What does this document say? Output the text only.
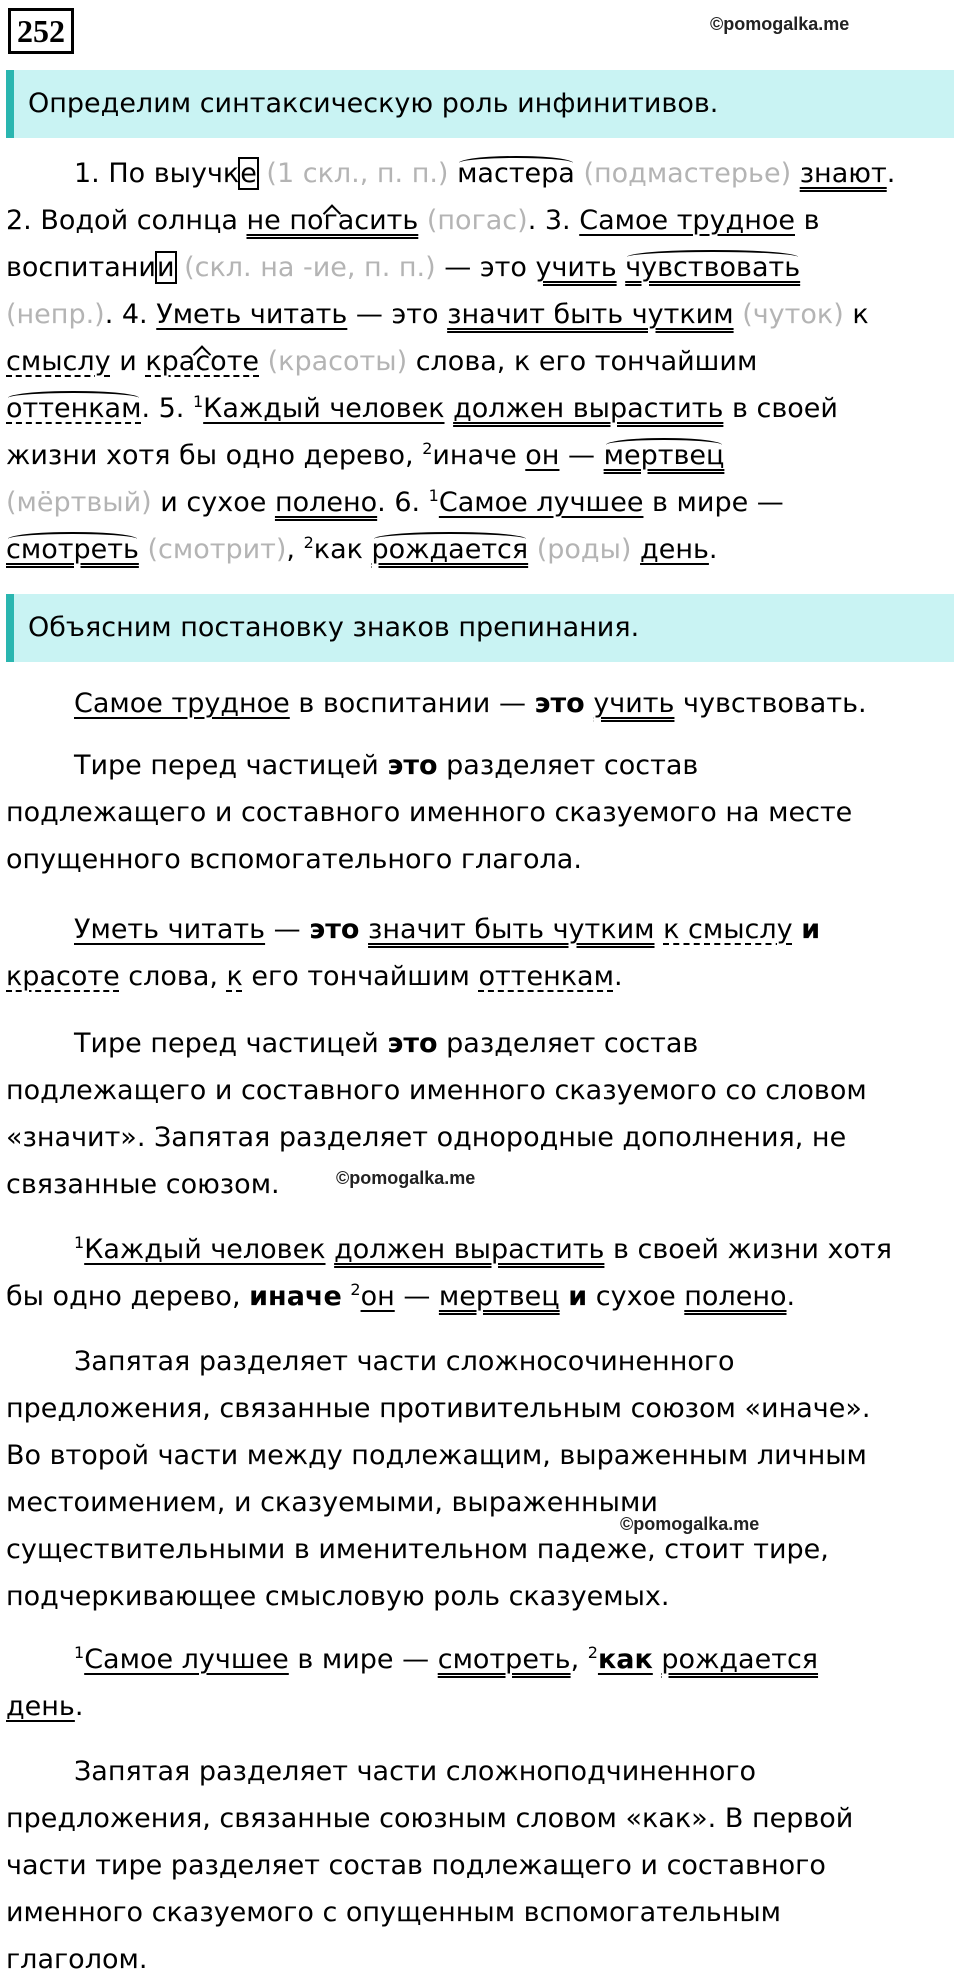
252	©pomogalka.me
Определим синтаксическую роль инфинитивов.
1. По выучке (1 скл., п. п.) мастера (подмастерье) знают.
2. Водой солнца не погасить (погас). 3. Самое трудное в
воспитании (скл. на -ие, п. п.) — это учить чувствовать
(непр.). 4. Уметь читать — это значит быть чутким (чуток) к
смыслу и красоте (красоты) слова, к его тончайшим
оттенкам. 5. $^1$Каждый человек должен вырастить в своей
жизни хотя бы одно дерево, $^2$иначе он — мертвец
(мёртвый) и сухое полено. 6. $^1$Самое лучшее в мире —
смотреть (смотрит), $^2$как рождается (роды) день.
Объясним постановку знаков препинания.
Самое трудное в воспитании — это учить чувствовать.
Тире перед частицей это разделяет состав
подлежащего и составного именного сказуемого на месте
опущенного вспомогательного глагола.
Уметь читать — это значит быть чутким к смыслу и
красоте слова, к его тончайшим оттенкам.
Тире перед частицей это разделяет состав
подлежащего и составного именного сказуемого со словом
«значит». Запятая разделяет однородные дополнения, не
связанные союзом.	©pomogalka.me
$^1$Каждый человек должен вырастить в своей жизни хотя
бы одно дерево, иначе $^2$он — мертвец и сухое полено.
Запятая разделяет части сложносочиненного
предложения, связанные противительным союзом «иначе».
Во второй части между подлежащим, выраженным личным
местоимением, и сказуемыми, выраженными
существительными в именительном падеже, стоит тире,
подчеркивающее смысловую роль сказуемых.
©pomogalka.me
$^1$Самое лучшее в мире — смотреть, $^2$как рождается
день.
Запятая разделяет части сложноподчиненного
предложения, связанные союзным словом «как». В первой
части тире разделяет состав подлежащего и составного
именного сказуемого с опущенным вспомогательным
глаголом.
